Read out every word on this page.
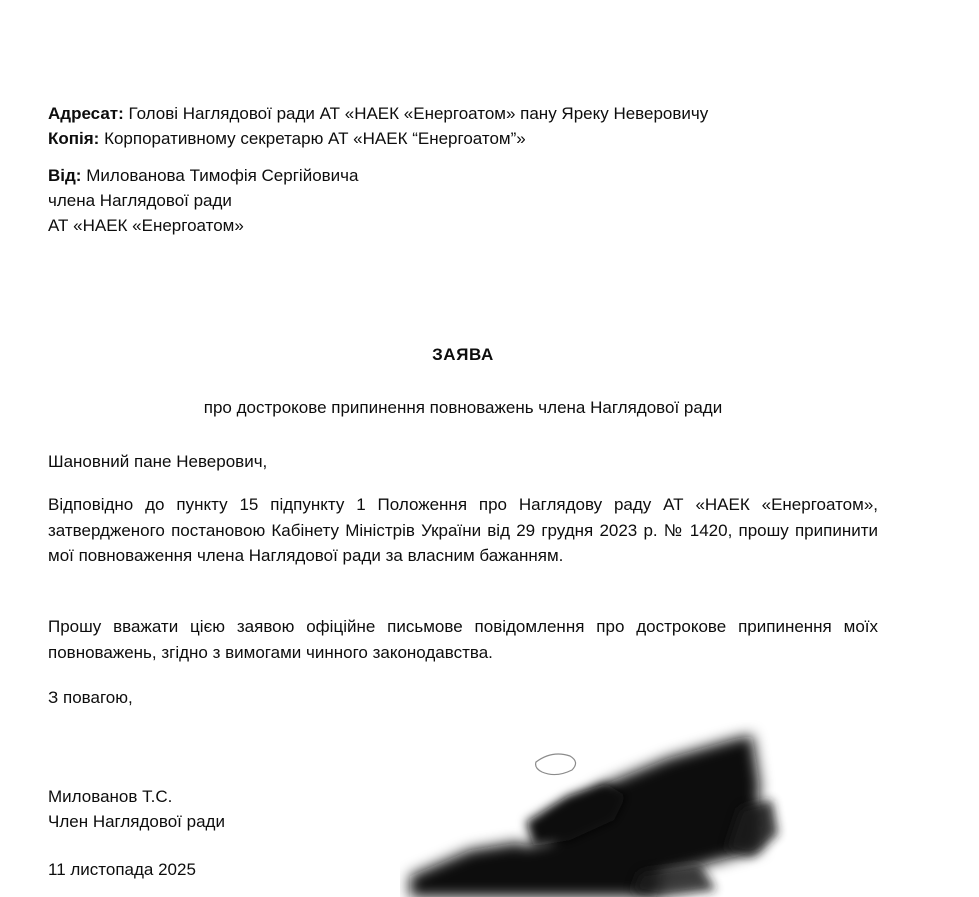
Адресат: Голові Наглядової ради АТ «НАЕК «Енергоатом» пану Яреку Неверовичу
Копія: Корпоративному секретарю АТ «НАЕК “Енергоатом”»
Від: Милованова Тимофія Сергійовича
члена Наглядової ради
АТ «НАЕК «Енергоатом»
ЗАЯВА
про дострокове припинення повноважень члена Наглядової ради
Шановний пане Неверович,
Відповідно до пункту 15 підпункту 1 Положення про Наглядову раду АТ «НАЕК «Енергоатом», затвердженого постановою Кабінету Міністрів України від 29 грудня 2023 р. № 1420, прошу припинити мої повноваження члена Наглядової ради за власним бажанням.
Прошу вважати цією заявою офіційне письмове повідомлення про дострокове припинення моїх повноважень, згідно з вимогами чинного законодавства.
З повагою,
Милованов Т.С.
Член Наглядової ради
11 листопада 2025
